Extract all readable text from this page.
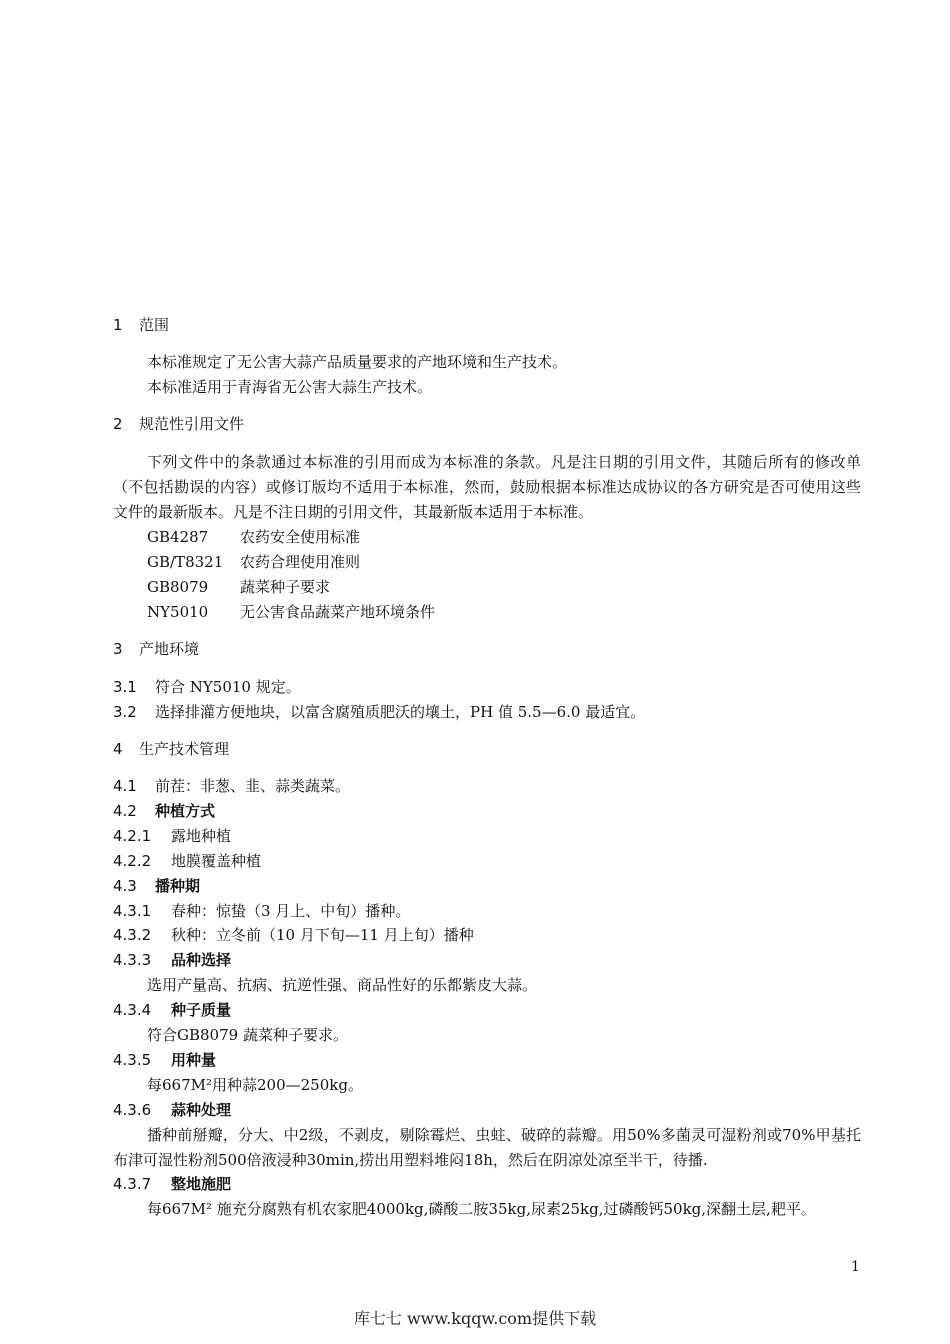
1 范围
本标准规定了无公害大蒜产品质量要求的产地环境和生产技术。
本标准适用于青海省无公害大蒜生产技术。
2 规范性引用文件
下列文件中的条款通过本标准的引用而成为本标准的条款。凡是注日期的引用文件，其随后所有的修改单（不包括勘误的内容）或修订版均不适用于本标准，然而，鼓励根据本标准达成协议的各方研究是否可使用这些文件的最新版本。凡是不注日期的引用文件，其最新版本适用于本标准。
GB4287 农药安全使用标准
GB/T8321 农药合理使用准则
GB8079 蔬菜种子要求
NY5010 无公害食品蔬菜产地环境条件
3 产地环境
3.1 符合 NY5010 规定。
3.2 选择排灌方便地块，以富含腐殖质肥沃的壤土，PH 值 5.5—6.0 最适宜。
4 生产技术管理
4.1 前茬：非葱、韭、蒜类蔬菜。
4.2 种植方式
4.2.1 露地种植
4.2.2 地膜覆盖种植
4.3 播种期
4.3.1 春种：惊蛰（3 月上、中旬）播种。
4.3.2 秋种：立冬前（10 月下旬—11 月上旬）播种
4.3.3 品种选择
选用产量高、抗病、抗逆性强、商品性好的乐都紫皮大蒜。
4.3.4 种子质量
符合GB8079 蔬菜种子要求。
4.3.5 用种量
每667M²用种蒜200—250kg。
4.3.6 蒜种处理
播种前掰瓣，分大、中2级，不剥皮，剔除霉烂、虫蛀、破碎的蒜瓣。用50%多菌灵可湿粉剂或70%甲基托布津可湿性粉剂500倍液浸种30min,捞出用塑料堆闷18h，然后在阴凉处凉至半干，待播.
4.3.7 整地施肥
每667M² 施充分腐熟有机农家肥4000kg,磷酸二胺35kg,尿素25kg,过磷酸钙50kg,深翻土层,耙平。
1
库七七 www.kqqw.com提供下载
